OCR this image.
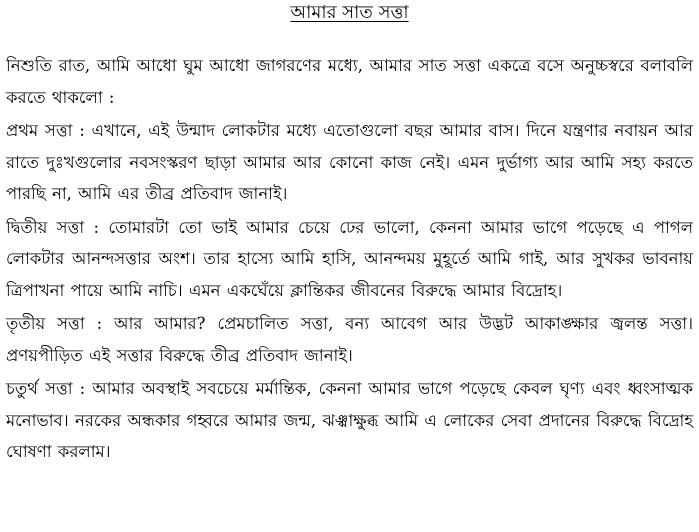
আমার সাত সত্তা

নিশুতি রাত, আমি আধো ঘুম আধো জাগরণের মধ্যে, আমার সাত সত্তা একত্রে বসে অনুচ্চস্বরে বলাবলি করতে থাকলো :

প্রথম সত্তা : এখানে, এই উন্মাদ লোকটার মধ্যে এতোগুলো বছর আমার বাস। দিনে যন্ত্রণার নবায়ন আর রাতে দুঃখগুলোর নবসংস্করণ ছাড়া আমার আর কোনো কাজ নেই। এমন দুর্ভাগ্য আর আমি সহ্য করতে পারছি না, আমি এর তীব্র প্রতিবাদ জানাই।

দ্বিতীয় সত্তা : তোমারটা তো ভাই আমার চেয়ে ঢের ভালো, কেননা আমার ভাগে পড়েছে এ পাগল লোকটার আনন্দসত্তার অংশ। তার হাস্যে আমি হাসি, আনন্দময় মুহূর্তে আমি গাই, আর সুখকর ভাবনায় ত্রিপাখনা পায়ে আমি নাচি। এমন একঘেঁয়ে ক্লান্তিকর জীবনের বিরুদ্ধে আমার বিদ্রোহ।

তৃতীয় সত্তা : আর আমার? প্রেমচালিত সত্তা, বন্য আবেগ আর উদ্ভট আকাঙ্ক্ষার জ্বলন্ত সত্তা। প্রণয়পীড়িত এই সত্তার বিরুদ্ধে তীব্র প্রতিবাদ জানাই।

চতুর্থ সত্তা : আমার অবস্থাই সবচেয়ে মর্মান্তিক, কেননা আমার ভাগে পড়েছে কেবল ঘৃণ্য এবং ধ্বংসাত্মক মনোভাব। নরকের অন্ধকার গহ্বরে আমার জন্ম, ঝঞ্ঝাক্ষুব্ধ আমি এ লোকের সেবা প্রদানের বিরুদ্ধে বিদ্রোহ ঘোষণা করলাম।
